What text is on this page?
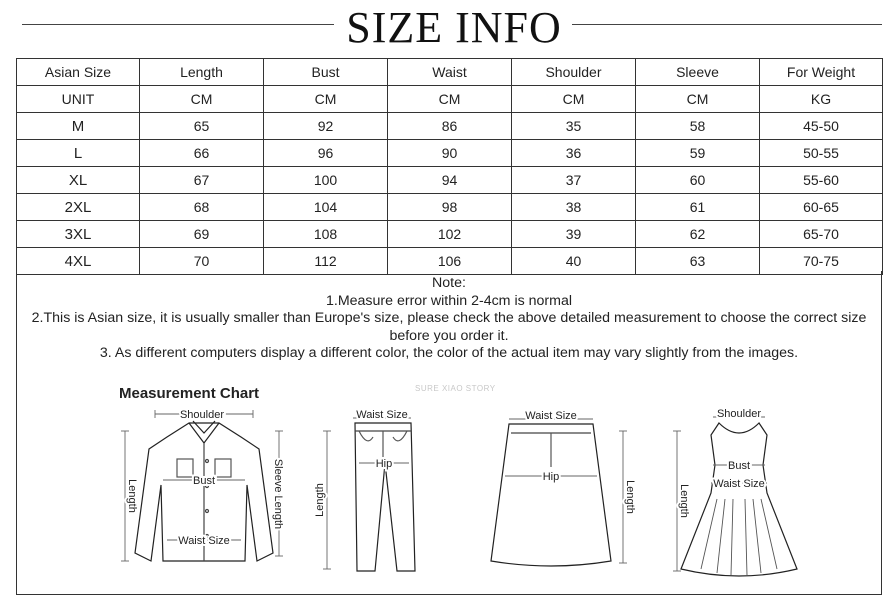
SIZE INFO
Asian Size	Length	Bust	Waist	Shoulder	Sleeve	For Weight
UNIT	CM	CM	CM	CM	CM	KG
M	65	92	86	35	58	45-50
L	66	96	90	36	59	50-55
XL	67	100	94	37	60	55-60
2XL	68	104	98	38	61	60-65
3XL	69	108	102	39	62	65-70
4XL	70	112	106	40	63	70-75
Note:
1.Measure error within 2-4cm is normal
2.This is Asian size, it is usually smaller than Europe's size, please check the above detailed measurement to choose the correct size
before you order it.
3. As different computers display a different color, the color of the actual item may vary slightly from the images.
Measurement Chart	SURE XIAO STORY
Shoulder
Bust
Waist Size
Length	Sleeve Length
Waist Size
Hip
Length
Waist Size
Hip
Length
Shoulder
Bust
Waist Size
Length
